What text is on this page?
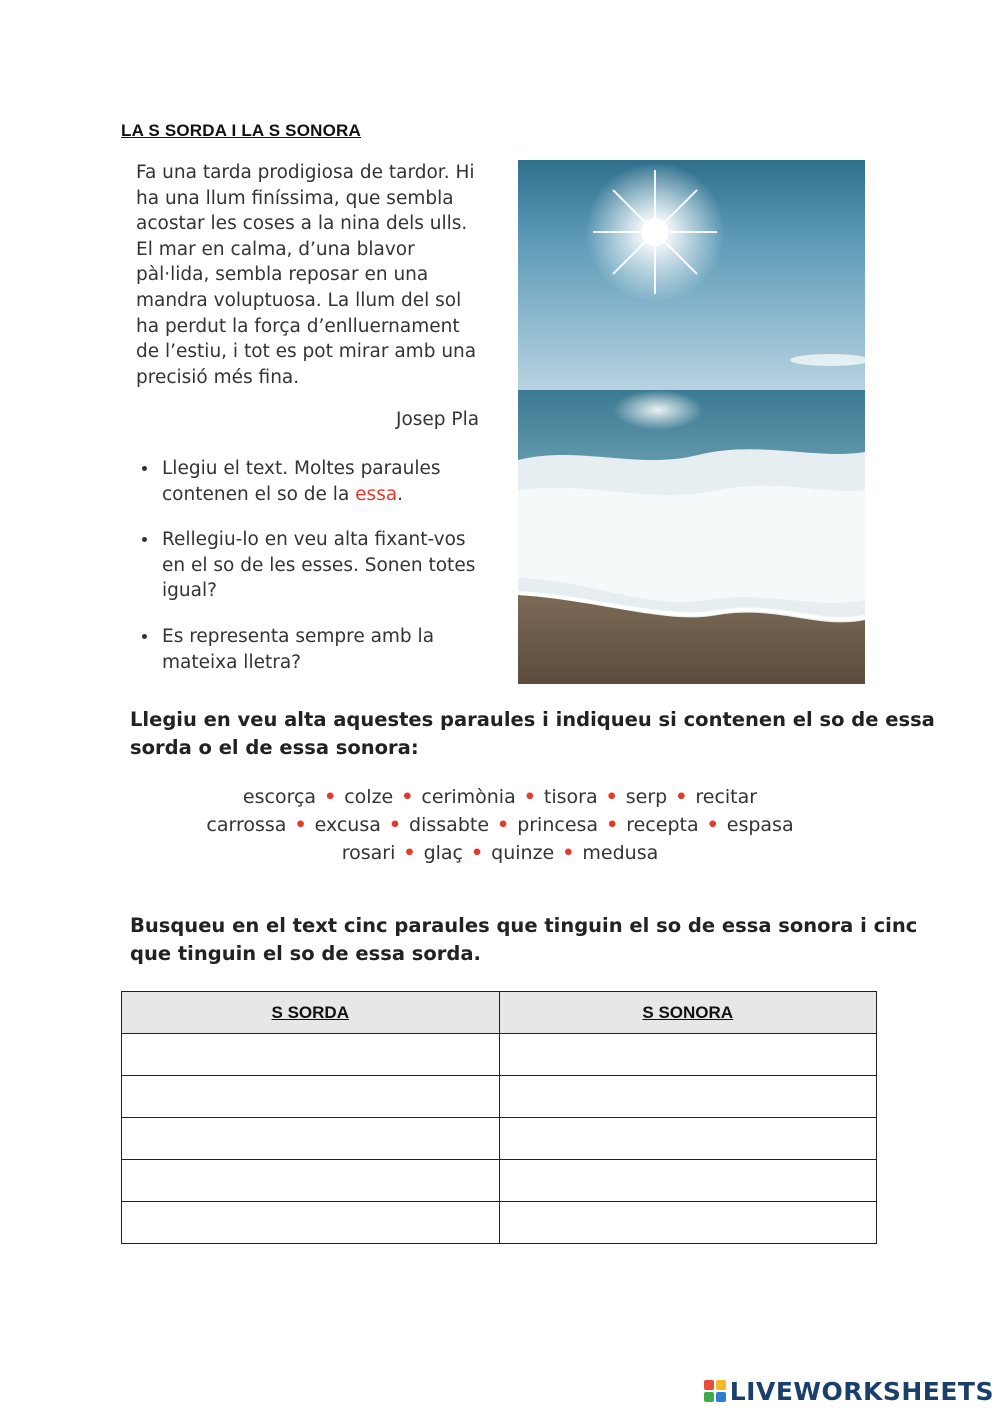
LA S SORDA I LA S SONORA

Fa una tarda prodigiosa de tardor. Hi
ha una llum finíssima, que sembla
acostar les coses a la nina dels ulls.
El mar en calma, d’una blavor
pàl·lida, sembla reposar en una
mandra voluptuosa. La llum del sol
ha perdut la força d’enlluernament
de l’estiu, i tot es pot mirar amb una
precisió més fina.

Josep Pla
Llegiu el text. Moltes paraules
contenen el so de la essa.
Rellegiu-lo en veu alta fixant-vos
en el so de les esses. Sonen totes
igual?
Es representa sempre amb la
mateixa lletra?

Llegiu en veu alta aquestes paraules i indiqueu si contenen el so de essa
sorda o el de essa sonora:

escorça • colze • cerimònia • tisora • serp • recitar
carrossa • excusa • dissabte • princesa • recepta • espasa
rosari • glaç • quinze • medusa

Busqueu en el text cinc paraules que tinguin el so de essa sonora i cinc
que tinguin el so de essa sorda.

S SORDA	S SONORA

LIVEWORKSHEETS
